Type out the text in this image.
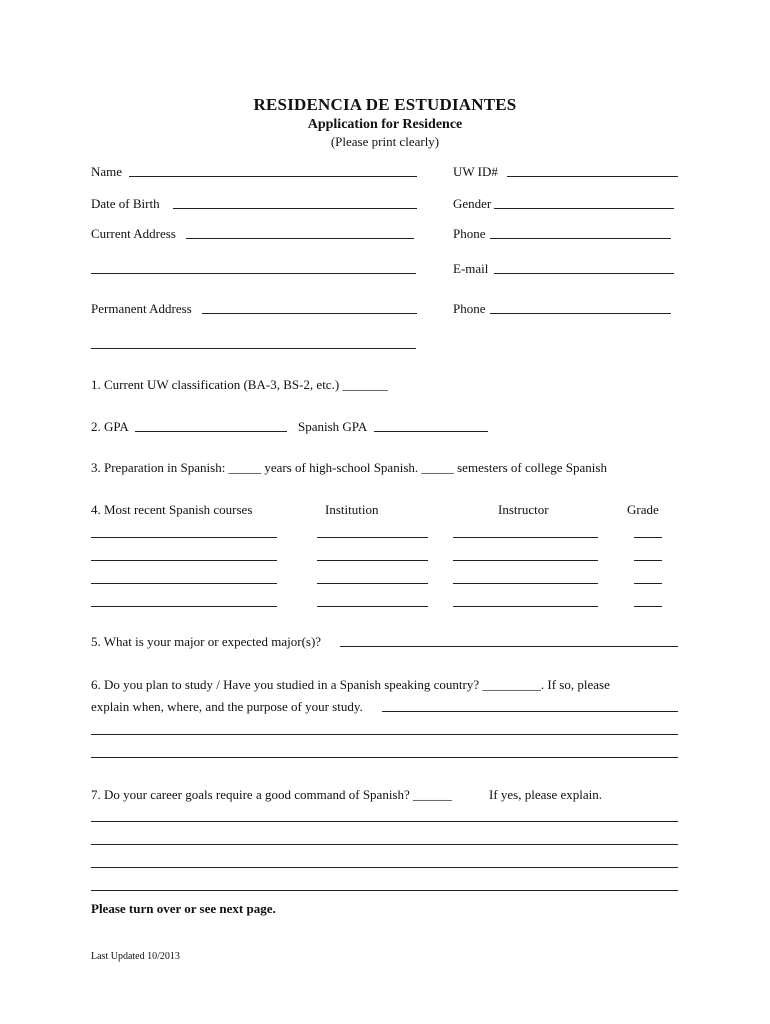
RESIDENCIA DE ESTUDIANTES
Application for Residence
(Please print clearly)
Name	UW ID#
Date of Birth	Gender
Current Address	Phone
E-mail
Permanent Address	Phone
1. Current UW classification (BA-3, BS-2, etc.) _______
2. GPA	Spanish GPA
3. Preparation in Spanish: _____ years of high-school Spanish. _____ semesters of college Spanish
4. Most recent Spanish courses	Institution	Instructor	Grade
5. What is your major or expected major(s)?
6. Do you plan to study / Have you studied in a Spanish speaking country? _________. If so, please
explain when, where, and the purpose of your study.
7. Do your career goals require a good command of Spanish? ______	If yes, please explain.
Please turn over or see next page.
Last Updated 10/2013
